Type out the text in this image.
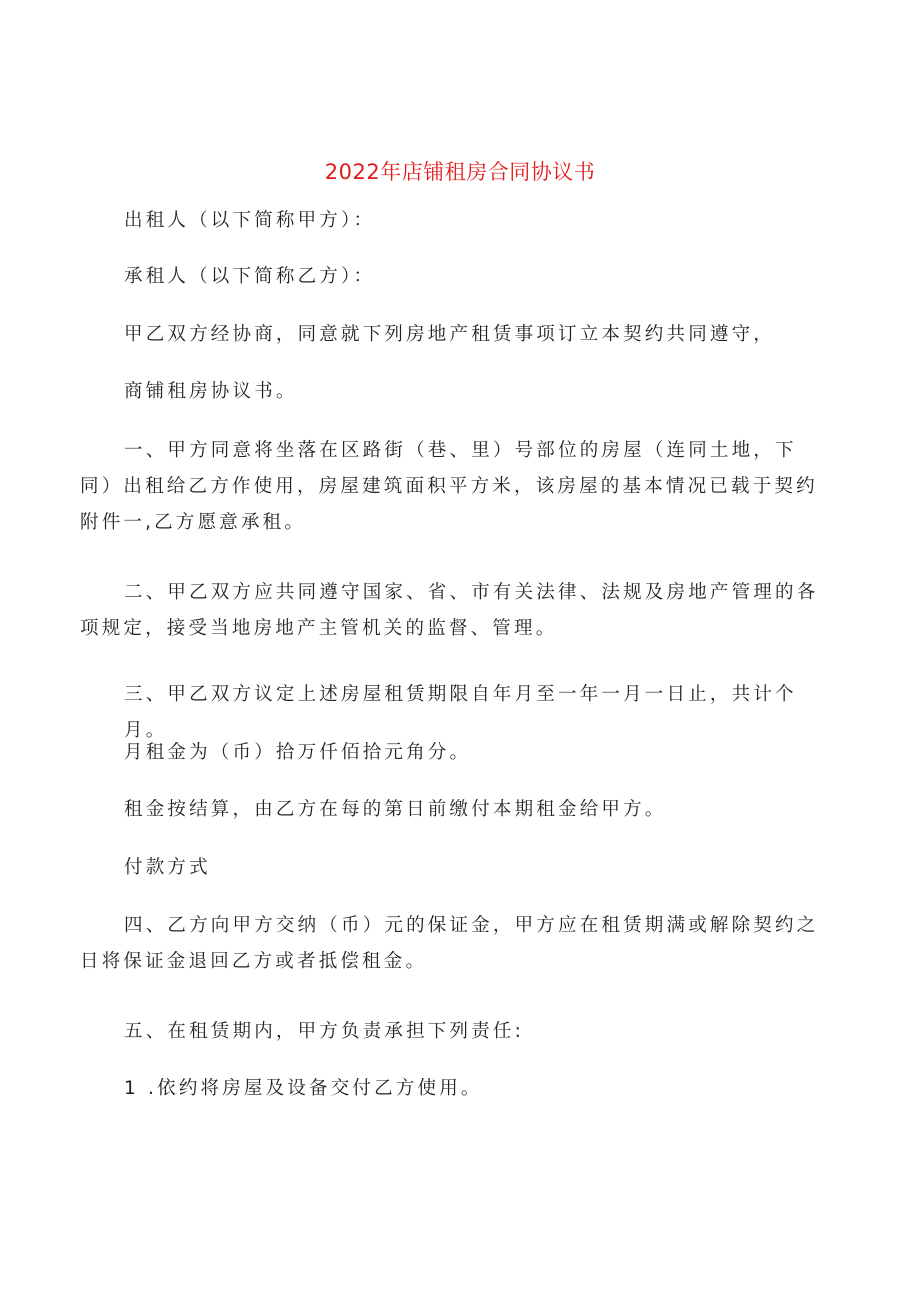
2022年店铺租房合同协议书

出租人（以下简称甲方）：

承租人（以下简称乙方）：

甲乙双方经协商，同意就下列房地产租赁事项订立本契约共同遵守，

商铺租房协议书。

一、甲方同意将坐落在区路街（巷、里）号部位的房屋（连同土地，下同）出租给乙方作使用，房屋建筑面积平方米，该房屋的基本情况已载于契约附件一,乙方愿意承租。

二、甲乙双方应共同遵守国家、省、市有关法律、法规及房地产管理的各项规定，接受当地房地产主管机关的监督、管理。

三、甲乙双方议定上述房屋租赁期限自年月至一年一月一日止，共计个月。

月租金为（币）拾万仟佰拾元角分。

租金按结算，由乙方在每的第日前缴付本期租金给甲方。

付款方式

四、乙方向甲方交纳（币）元的保证金，甲方应在租赁期满或解除契约之日将保证金退回乙方或者抵偿租金。

五、在租赁期内，甲方负责承担下列责任:

1 .依约将房屋及设备交付乙方使用。
